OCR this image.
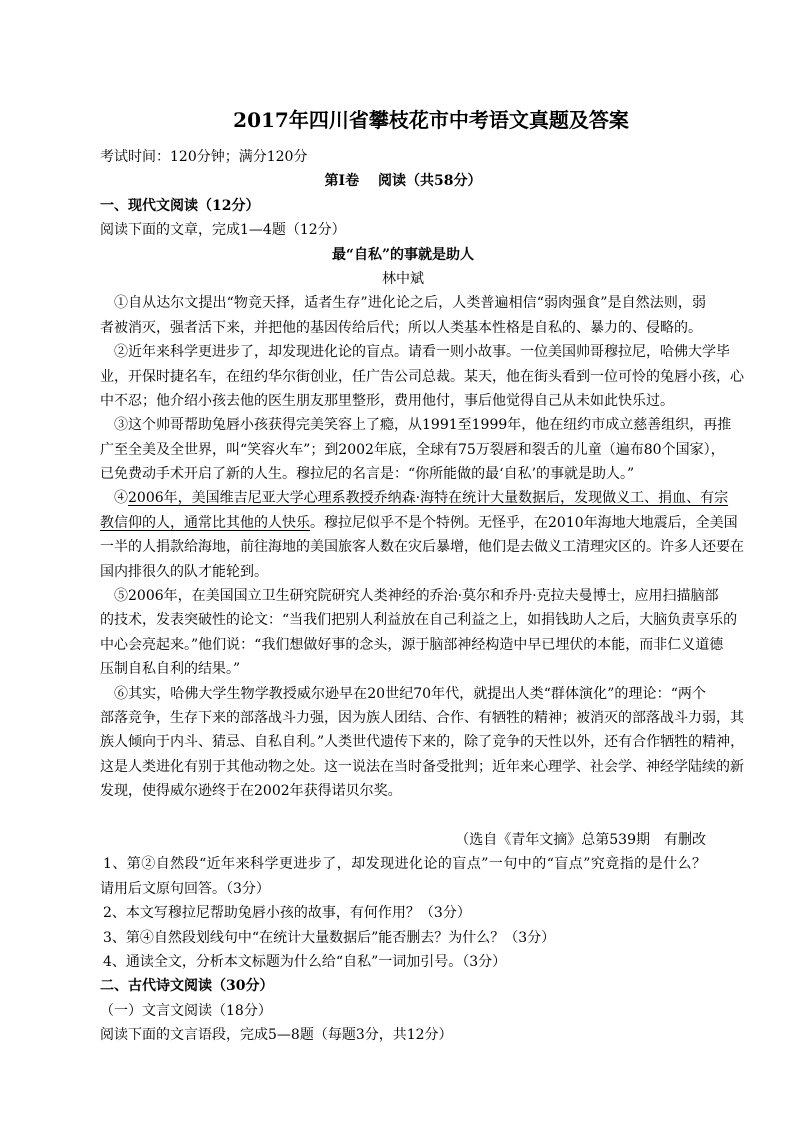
2017年四川省攀枝花市中考语文真题及答案
考试时间：120分钟；满分120分
第Ⅰ卷　 阅读（共58分）
一、现代文阅读（12分）
阅读下面的文章，完成1—4题（12分）
最“自私”的事就是助人
林中斌
①自从达尔文提出“物竞天择，适者生存”进化论之后，人类普遍相信“弱肉强食”是自然法则，弱
者被消灭，强者活下来，并把他的基因传给后代；所以人类基本性格是自私的、暴力的、侵略的。
②近年来科学更进步了，却发现进化论的盲点。请看一则小故事。一位美国帅哥穆拉尼，哈佛大学毕
业，开保时捷名车，在纽约华尔街创业，任广告公司总裁。某天，他在街头看到一位可怜的兔唇小孩，心
中不忍；他介绍小孩去他的医生朋友那里整形，费用他付，事后他觉得自己从未如此快乐过。
③这个帅哥帮助兔唇小孩获得完美笑容上了瘾，从1991至1999年，他在纽约市成立慈善组织，再推
广至全美及全世界，叫“笑容火车”；到2002年底，全球有75万裂唇和裂舌的儿童（遍布80个国家），
已免费动手术开启了新的人生。穆拉尼的名言是：“你所能做的最‘自私’的事就是助人。”
④2006年，美国维吉尼亚大学心理系教授乔纳森·海特在统计大量数据后，发现做义工、捐血、有宗
教信仰的人，通常比其他的人快乐。穆拉尼似乎不是个特例。无怪乎，在2010年海地大地震后，全美国
一半的人捐款给海地，前往海地的美国旅客人数在灾后暴增，他们是去做义工清理灾区的。许多人还要在
国内排很久的队才能轮到。
⑤2006年，在美国国立卫生研究院研究人类神经的乔治·莫尔和乔丹·克拉夫曼博士，应用扫描脑部
的技术，发表突破性的论文：“当我们把别人利益放在自己利益之上，如捐钱助人之后，大脑负责享乐的
中心会亮起来。”他们说：“我们想做好事的念头，源于脑部神经构造中早已埋伏的本能，而非仁义道德
压制自私自利的结果。”
⑥其实，哈佛大学生物学教授威尔逊早在20世纪70年代，就提出人类“群体演化”的理论：“两个
部落竞争，生存下来的部落战斗力强，因为族人团结、合作、有牺牲的精神；被消灭的部落战斗力弱，其
族人倾向于内斗、猜忌、自私自利。”人类世代遗传下来的，除了竞争的天性以外，还有合作牺牲的精神，
这是人类进化有别于其他动物之处。这一说法在当时备受批判；近年来心理学、社会学、神经学陆续的新
发现，使得威尔逊终于在2002年获得诺贝尔奖。
（选自《青年文摘》总第539期　有删改
1、第②自然段“近年来科学更进步了，却发现进化论的盲点”一句中的“盲点”究竟指的是什么？
请用后文原句回答。（3分）
2、本文写穆拉尼帮助兔唇小孩的故事，有何作用？（3分）
3、第④自然段划线句中“在统计大量数据后”能否删去？为什么？（3分）
4、通读全文，分析本文标题为什么给“自私”一词加引号。（3分）
二、古代诗文阅读（30分）
（一）文言文阅读（18分）
阅读下面的文言语段，完成5—8题（每题3分，共12分）
